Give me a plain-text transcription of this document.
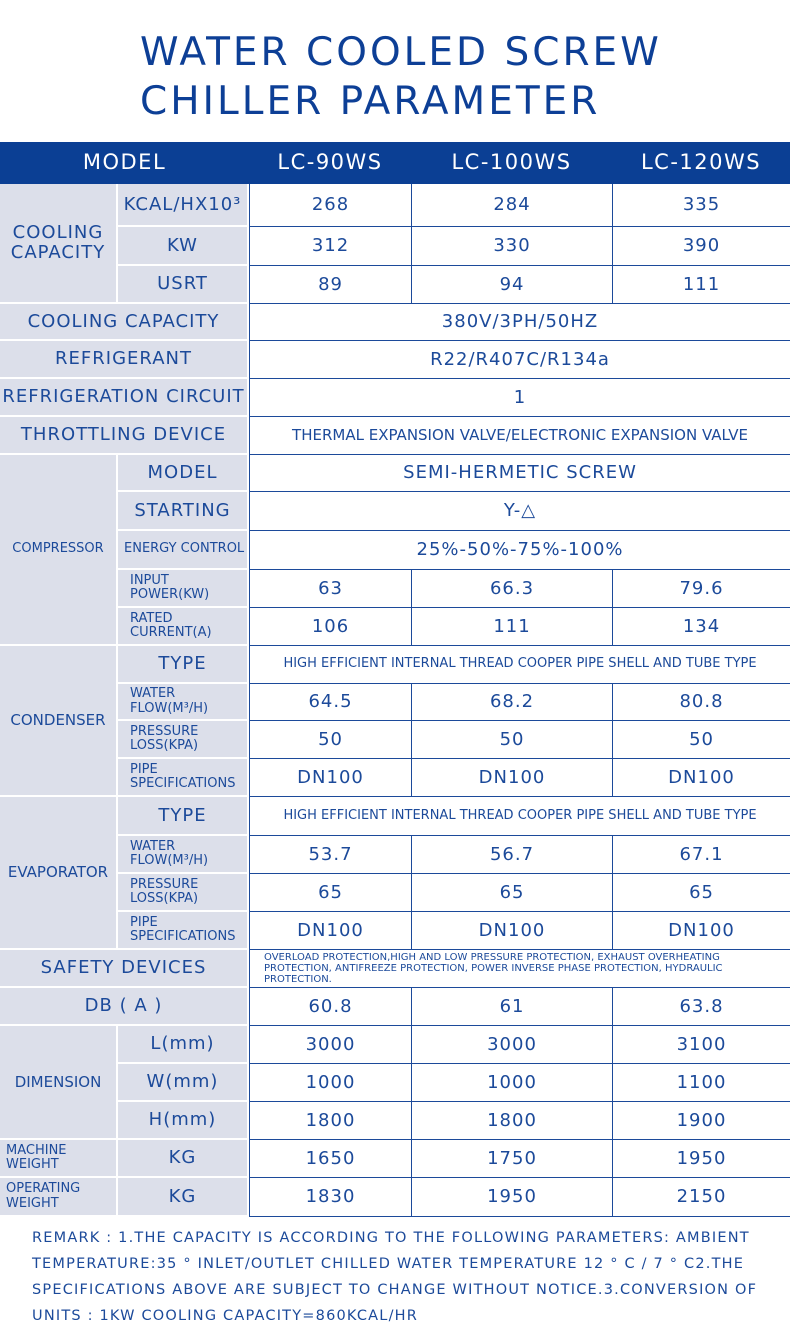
WATER COOLED SCREW
CHILLER PARAMETER
MODEL		LC-90WS	LC-100WS	LC-120WS
COOLING CAPACITY	KCAL/HX10³	268	284	335
	KW	312	330	390
	USRT	89	94	111
COOLING CAPACITY		380V/3PH/50HZ		
REFRIGERANT		R22/R407C/R134a		
REFRIGERATION CIRCUIT		1		
THROTTLING DEVICE		THERMAL EXPANSION VALVE/ELECTRONIC EXPANSION VALVE		
COMPRESSOR	MODEL	SEMI-HERMETIC SCREW		
	STARTING	Y-△		
	ENERGY CONTROL	25%-50%-75%-100%		
	INPUT POWER(KW)	63	66.3	79.6
	RATED CURRENT(A)	106	111	134
CONDENSER	TYPE	HIGH EFFICIENT INTERNAL THREAD COOPER PIPE SHELL AND TUBE TYPE		
	WATER FLOW(M³/H)	64.5	68.2	80.8
	PRESSURE LOSS(KPA)	50	50	50
	PIPE SPECIFICATIONS	DN100	DN100	DN100
EVAPORATOR	TYPE	HIGH EFFICIENT INTERNAL THREAD COOPER PIPE SHELL AND TUBE TYPE		
	WATER FLOW(M³/H)	53.7	56.7	67.1
	PRESSURE LOSS(KPA)	65	65	65
	PIPE SPECIFICATIONS	DN100	DN100	DN100
SAFETY DEVICES		OVERLOAD PROTECTION,HIGH AND LOW PRESSURE PROTECTION, EXHAUST OVERHEATING PROTECTION, ANTIFREEZE PROTECTION, POWER INVERSE PHASE PROTECTION, HYDRAULIC PROTECTION.		
DB ( A )		60.8	61	63.8
DIMENSION	L(mm)	3000	3000	3100
	W(mm)	1000	1000	1100
	H(mm)	1800	1800	1900
MACHINE WEIGHT	KG	1650	1750	1950
OPERATING WEIGHT	KG	1830	1950	2150
REMARK : 1.THE CAPACITY IS ACCORDING TO THE FOLLOWING PARAMETERS: AMBIENT TEMPERATURE:35 ° INLET/OUTLET CHILLED WATER TEMPERATURE 12 ° C / 7 ° C2.THE SPECIFICATIONS ABOVE ARE SUBJECT TO CHANGE WITHOUT NOTICE.3.CONVERSION OF UNITS : 1KW COOLING CAPACITY=860KCAL/HR
